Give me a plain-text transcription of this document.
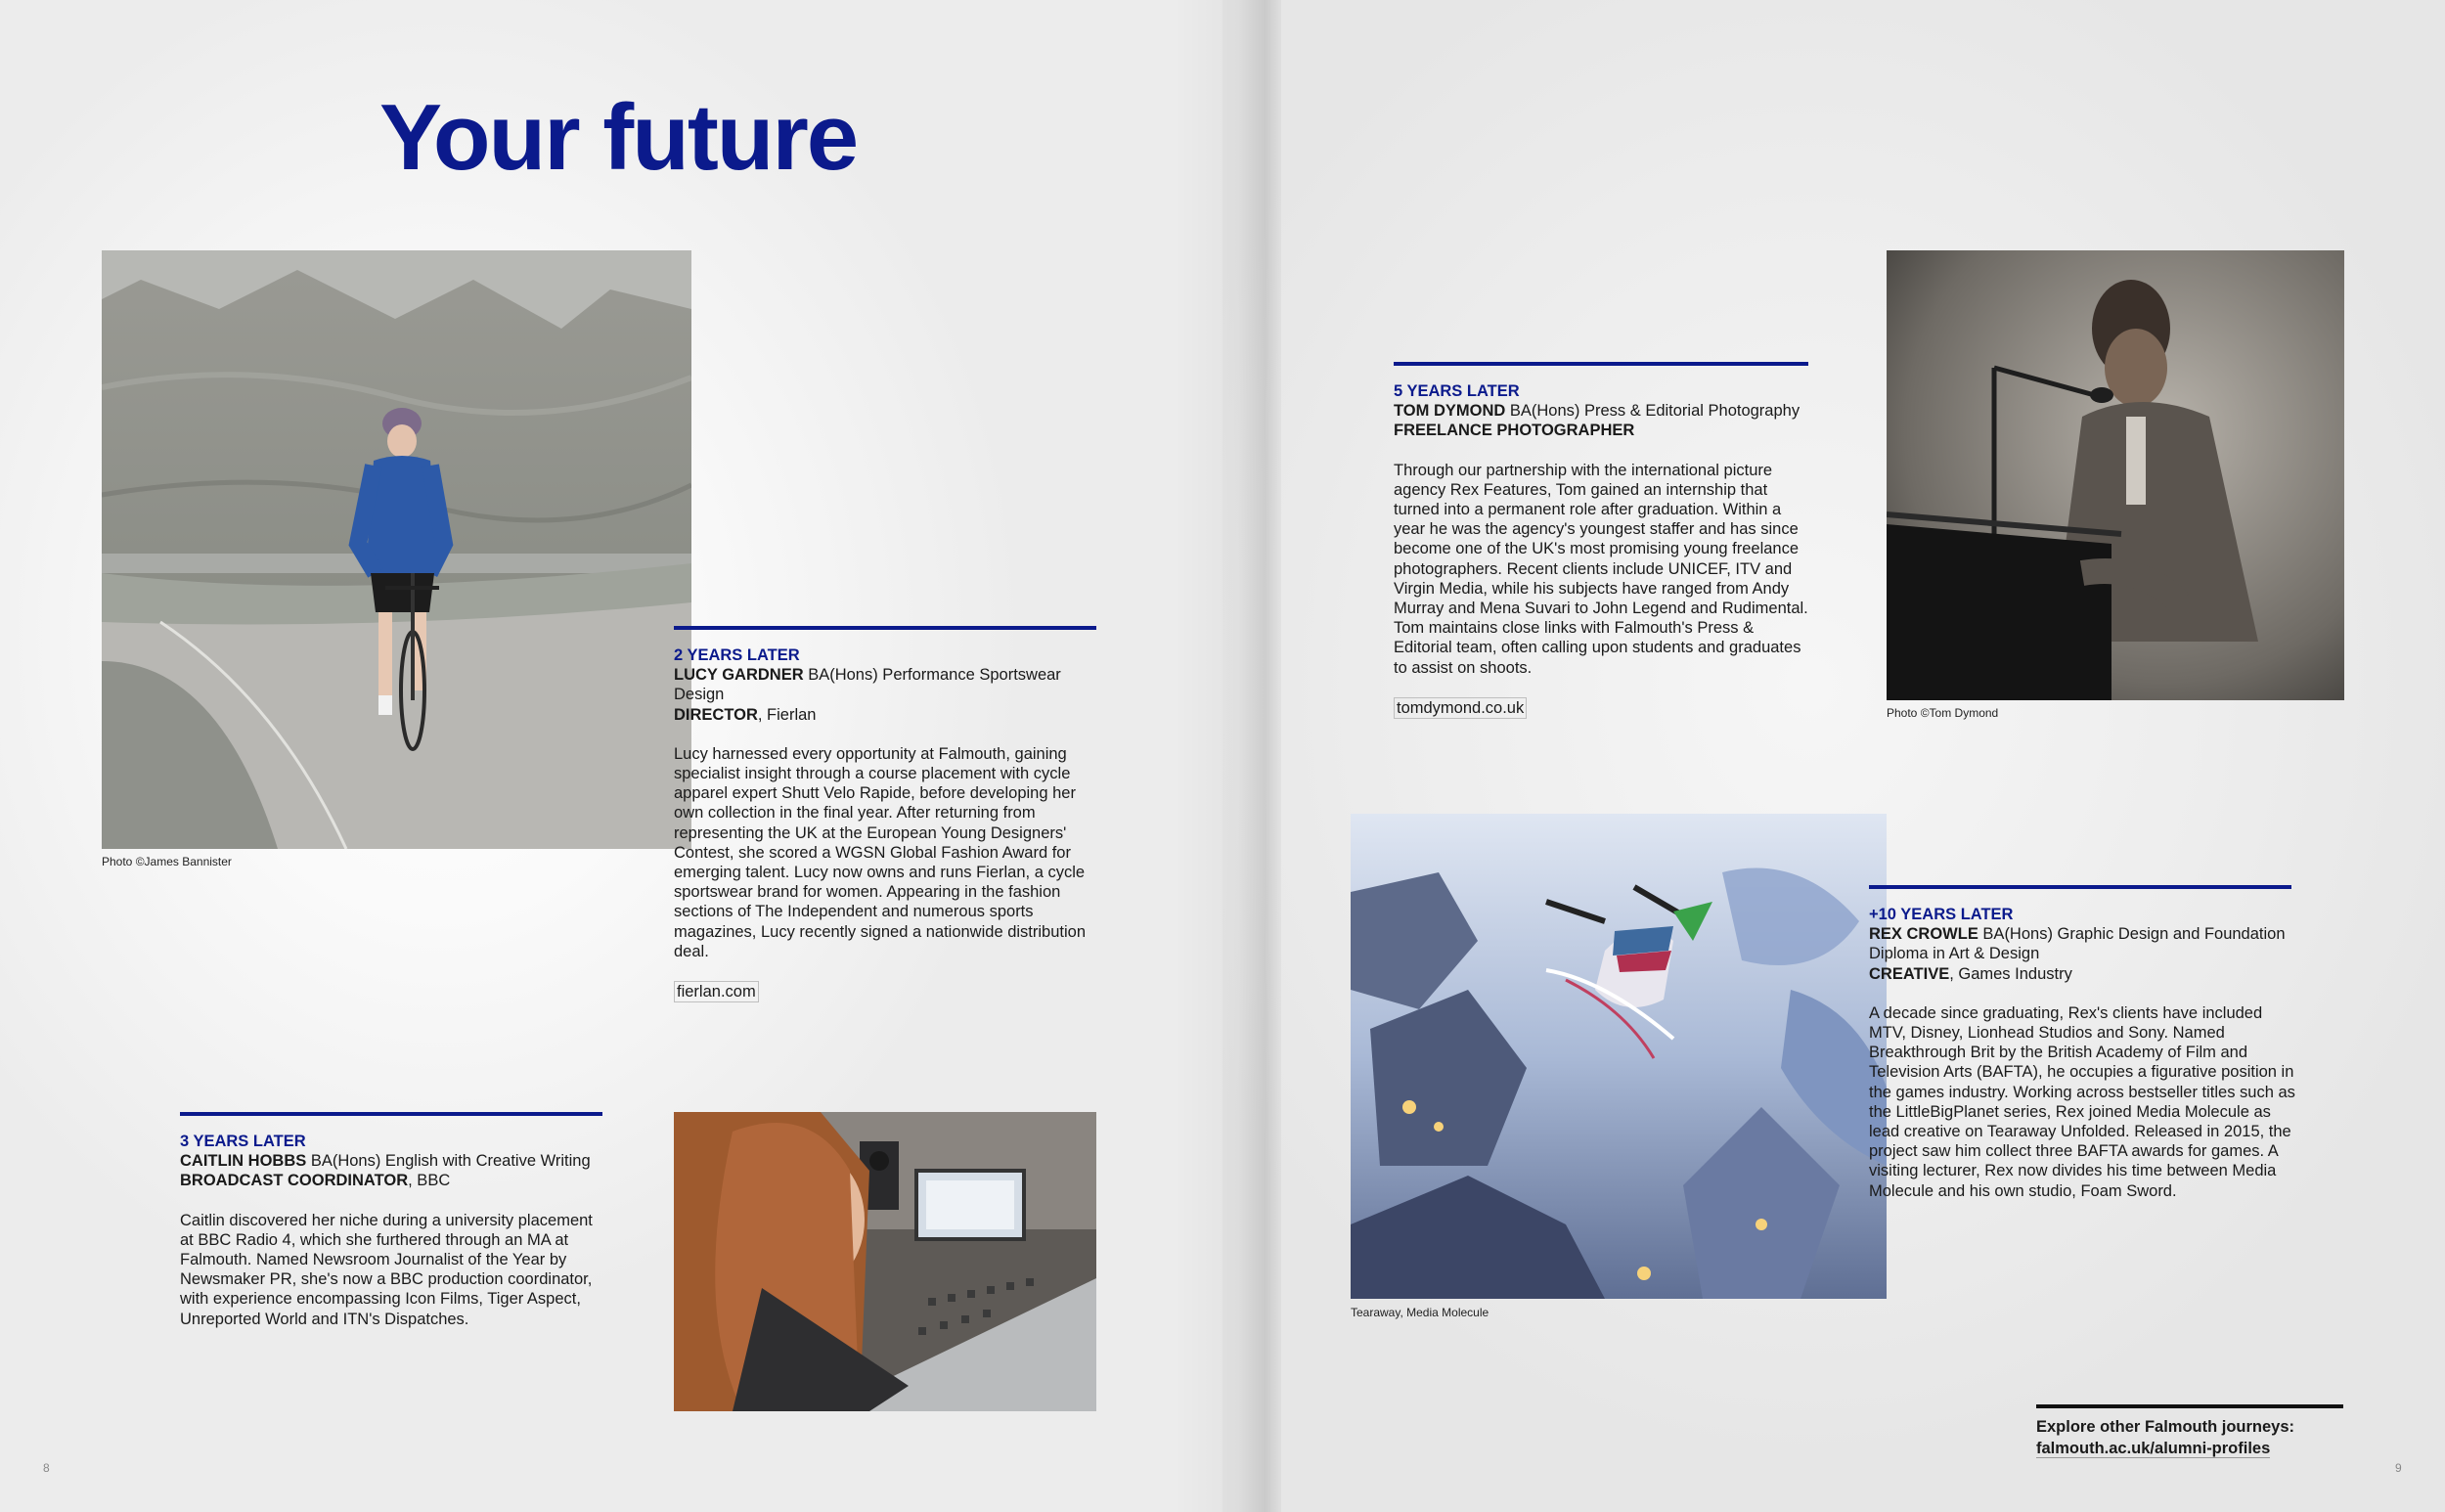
Your future
Photo ©James Bannister
2 YEARS LATER
LUCY GARDNER BA(Hons) Performance Sportswear Design
DIRECTOR, Fierlan
Lucy harnessed every opportunity at Falmouth, gaining specialist insight through a course placement with cycle apparel expert Shutt Velo Rapide, before developing her own collection in the final year. After returning from representing the UK at the European Young Designers' Contest, she scored a WGSN Global Fashion Award for emerging talent. Lucy now owns and runs Fierlan, a cycle sportswear brand for women. Appearing in the fashion sections of The Independent and numerous sports magazines, Lucy recently signed a nationwide distribution deal.
fierlan.com
3 YEARS LATER
CAITLIN HOBBS BA(Hons) English with Creative Writing
BROADCAST COORDINATOR, BBC
Caitlin discovered her niche during a university placement at BBC Radio 4, which she furthered through an MA at Falmouth. Named Newsroom Journalist of the Year by Newsmaker PR, she's now a BBC production coordinator, with experience encompassing Icon Films, Tiger Aspect, Unreported World and ITN's Dispatches.
5 YEARS LATER
TOM DYMOND BA(Hons) Press & Editorial Photography
FREELANCE PHOTOGRAPHER
Through our partnership with the international picture agency Rex Features, Tom gained an internship that turned into a permanent role after graduation. Within a year he was the agency's youngest staffer and has since become one of the UK's most promising young freelance photographers. Recent clients include UNICEF, ITV and Virgin Media, while his subjects have ranged from Andy Murray and Mena Suvari to John Legend and Rudimental. Tom maintains close links with Falmouth's Press & Editorial team, often calling upon students and graduates to assist on shoots.
tomdymond.co.uk	Photo ©Tom Dymond
Tearaway, Media Molecule
+10 YEARS LATER
REX CROWLE BA(Hons) Graphic Design and Foundation Diploma in Art & Design
CREATIVE, Games Industry
A decade since graduating, Rex's clients have included MTV, Disney, Lionhead Studios and Sony. Named Breakthrough Brit by the British Academy of Film and Television Arts (BAFTA), he occupies a figurative position in the games industry. Working across bestseller titles such as the LittleBigPlanet series, Rex joined Media Molecule as lead creative on Tearaway Unfolded. Released in 2015, the project saw him collect three BAFTA awards for games. A visiting lecturer, Rex now divides his time between Media Molecule and his own studio, Foam Sword.
Explore other Falmouth journeys:
falmouth.ac.uk/alumni-profiles
8	9
